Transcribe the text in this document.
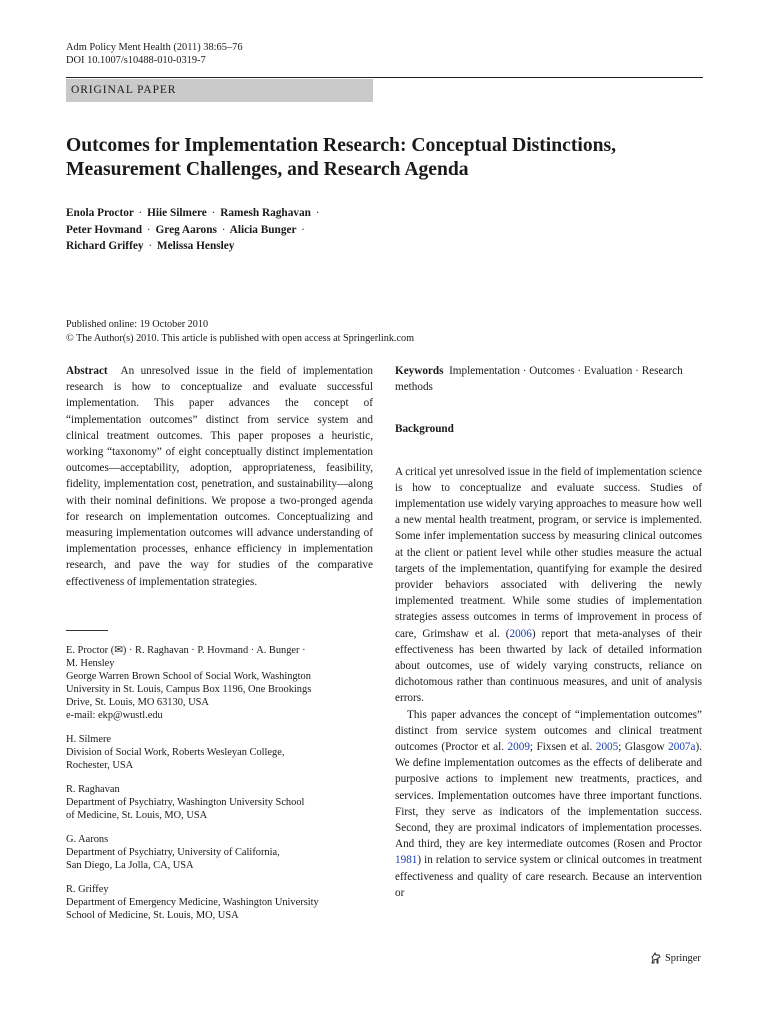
Adm Policy Ment Health (2011) 38:65–76
DOI 10.1007/s10488-010-0319-7
ORIGINAL PAPER
Outcomes for Implementation Research: Conceptual Distinctions, Measurement Challenges, and Research Agenda
Enola Proctor · Hiie Silmere · Ramesh Raghavan ·
Peter Hovmand · Greg Aarons · Alicia Bunger ·
Richard Griffey · Melissa Hensley
Published online: 19 October 2010
© The Author(s) 2010. This article is published with open access at Springerlink.com
Abstract An unresolved issue in the field of implementation research is how to conceptualize and evaluate successful implementation. This paper advances the concept of “implementation outcomes” distinct from service system and clinical treatment outcomes. This paper proposes a heuristic, working “taxonomy” of eight conceptually distinct implementation outcomes—acceptability, adoption, appropriateness, feasibility, fidelity, implementation cost, penetration, and sustainability—along with their nominal definitions. We propose a two-pronged agenda for research on implementation outcomes. Conceptualizing and measuring implementation outcomes will advance understanding of implementation processes, enhance efficiency in implementation research, and pave the way for studies of the comparative effectiveness of implementation strategies.
E. Proctor (✉) · R. Raghavan · P. Hovmand · A. Bunger ·
M. Hensley
George Warren Brown School of Social Work, Washington
University in St. Louis, Campus Box 1196, One Brookings
Drive, St. Louis, MO 63130, USA
e-mail: ekp@wustl.edu
H. Silmere
Division of Social Work, Roberts Wesleyan College,
Rochester, USA
R. Raghavan
Department of Psychiatry, Washington University School
of Medicine, St. Louis, MO, USA
G. Aarons
Department of Psychiatry, University of California,
San Diego, La Jolla, CA, USA
R. Griffey
Department of Emergency Medicine, Washington University
School of Medicine, St. Louis, MO, USA
Keywords Implementation · Outcomes · Evaluation · Research methods
Background
A critical yet unresolved issue in the field of implementation science is how to conceptualize and evaluate success. Studies of implementation use widely varying approaches to measure how well a new mental health treatment, program, or service is implemented. Some infer implementation success by measuring clinical outcomes at the client or patient level while other studies measure the actual targets of the implementation, quantifying for example the desired provider behaviors associated with delivering the newly implemented treatment. While some studies of implementation strategies assess outcomes in terms of improvement in process of care, Grimshaw et al. (2006) report that meta-analyses of their effectiveness has been thwarted by lack of detailed information about outcomes, use of widely varying constructs, reliance on dichotomous rather than continuous measures, and unit of analysis errors.
This paper advances the concept of “implementation outcomes” distinct from service system outcomes and clinical treatment outcomes (Proctor et al. 2009; Fixsen et al. 2005; Glasgow 2007a). We define implementation outcomes as the effects of deliberate and purposive actions to implement new treatments, practices, and services. Implementation outcomes have three important functions. First, they serve as indicators of the implementation success. Second, they are proximal indicators of implementation processes. And third, they are key intermediate outcomes (Rosen and Proctor 1981) in relation to service system or clinical outcomes in treatment effectiveness and quality of care research. Because an intervention or
Springer
